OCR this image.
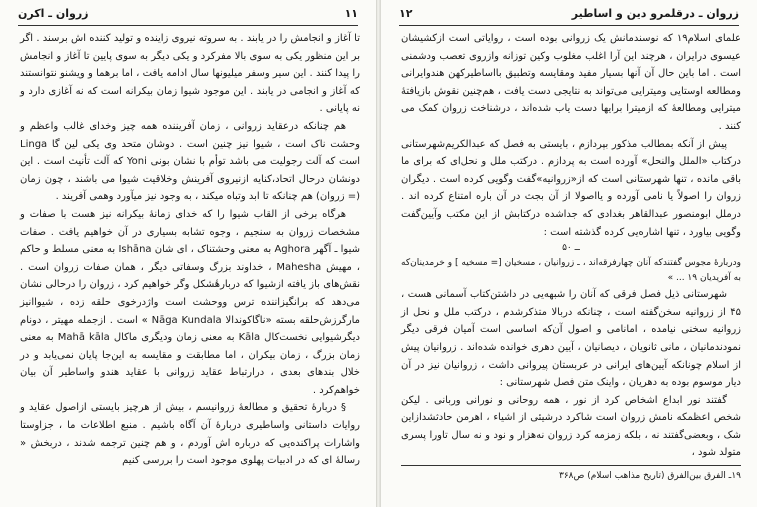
زروان ـ اکرن	۱۱

تا آغاز و انجامش را در یابند . به سروته نیروی زاینده و تولید کننده اش برسند . اگر بر این منظور یکی به سوی بالا مفرکرد و یکی دیگر به سوی پایین تا آغاز و انجامش را پیدا کنند . این سیر وسفر میلیونها سال ادامه یافت ، اما برهما و ویشنو نتوانستند که آغاز و انجامی در یابند . این موجود شیوا زمان بیکرانه است که نه آغازی دارد و نه پایانی .

هم چنانکه درعقاید زروانی ، زمان آفریننده همه چیز وخدای غالب واعظم و وحشت ناک است ، شیوا نیز چنین است . دوشان متحد وی یکی لین گا Linga است که آلت رجولیت می باشد توأم با نشان بونی Yoni که آلت تأنیث است . این دونشان درحال اتحاد،کنایه ازنیروی آفرینش وخلاقیت شیوا می باشند ، چون زمان (= زروان) هم چنانکه تا ابد وتباه میکند ، به وجود نیز میآورد وهمی آفریند .

هرگاه برخی از القاب شیوا را که خدای زمانهٔ بیکرانه نیز هست با صفات و مشخصات زروان به سنجیم ، وجوه تشابه بسیاری در آن خواهیم یافت . صفات شیوا ـ آگهر Aghora به معنی وحشتناک ، ای شان Ishāna به معنی مسلط و حاکم ، مهیش Mahesha ، خداوند بزرگ وسفاتی دیگر ، همان صفات زروان است . نقش‌های باز یافته ازشیوا که دربارهٔشکل وگر خواهیم کرد ، زروان را درحالی نشان می‌دهد که برانگیزاننده ترس ووحشت است واژدرخوی حلقه زده ، شیواانیز مارگرزش‌حلقه بسته «ناگاکوندالا Nāga Kundala » است . ازجمله مهیتر ، دونام دیگرشیوایی نخست‌کال Kāla به معنی زمان ودیگری ماکال Mahā kāla به معنی زمان بزرگ ، زمان بیکران ، اما مطابقت و مقایسه به این‌جا پایان نمی‌یابد و در خلال بندهای بعدی ، درارتباط عقاید زروانی با عقاید هندو واساطیر آن بیان خواهم‌کرد .

§ دربارهٔ تحقیق و مطالعهٔ زروانیسم ، بیش از هرچیز بایستی ازاصول عقاید و روایات داستانی واساطیری دربارهٔ آن آگاه باشیم . منبع اطلاعات ما ، جزاوستا واشارات پراکنده‌یی که درباره اش آوردم ، و هم چنین ترجمه شدند ، دربخش « رسالهٔ ای که در ادبیات پهلوی موجود است را بررسی کنیم

زروان ـ درقلمرو دین و اساطیر
۱۲

علمای اسلام۱۹ که نوسندمانش یک زروانی بوده است ، روایاتی است ازکشیشان عیسوی درایران ، هرچند این آرا اغلب مغلوب وکین توزانه وازروی تعصب ودشمنی است . اما باین حال آن آنها بسیار مفید ومقایسه وتطبیق بااساطیرکهن هندوایرانی ومطالعه اوستایی ومیترایی می‌تواند به نتایجی دست یافت ، هم‌چنین نقوش بازیافتهٔ میترایی ومطالعهٔ که ازمیترا برایها دست یاب شده‌اند ، درشناخت زروان کمک می کنند .

پیش از آنکه بمطالب مذکور بپردازم ، بایستی به فصل که عبدالکریم‌شهرستانی درکتاب «الملل والنحل» آورده است به پردازم . درکتب ملل و نحل‌ای که برای ما باقی مانده ، تنها شهرستانی است که از«زروانیه»گفت وگویی کرده است . دیگران زروان را اصولاً یا نامی آورده و یااصولا از آن بجث در آن باره امتناع کرده اند . درملل ابومنصور عبدالقاهر بغدادی که جداشده درکتابش از این مکتب وآیین‌گفت وگویی بیاورد ، تنها اشاره‌یی کرده گذشته است :

ــ ۵۰

ودربارهٔ مجوس گفتندکه آنان چهارفرقه‌اند ، ـ زروانیان ، مسخیان [= مسخیه ] و خرمدینان‌که به آفریدیان ۱۹ ... »

شهرستانی ذیل فصل فرقی که آنان را شبهه‌یی در داشتن‌کتاب آسمانی هست ، ۴۵ از زروانیه سخن‌گفته است ، چنانکه دربالا متذکرشدم ، درکتب ملل و نحل از زروانیه سخنی نیامده ، امانامی و اصول آن‌که اساسی است آمیان فرقی دیگر نمودندمانیان ، مانی ثانویان ، دیصانیان ، آیین دهری خوانده شده‌اند . زروانیان پیش از اسلام چونانکه آیین‌های ایرانی در عربستان پیروانی داشت ، زروانیان نیز در آن دیار موسوم بوده به دهریان ، واینک متن فصل شهرستانی :

گفتند نور ابداع اشخاص کرد از نور ، همه روحانی و نورانی وربانی . لیکن شخص اعظمکه نامش زروان است شاکرد درشیئی از اشیاء ، اهرمن حادثشدازاین شک ، وبعضی‌گفتند نه ، بلکه زمزمه کرد زروان نه‌هزار و نود و نه سال تاورا پسری متولد شود ،

۱۹ـ الفرق بین‌الفرق (تاریخ مذاهب اسلام) ص۳۶۸
